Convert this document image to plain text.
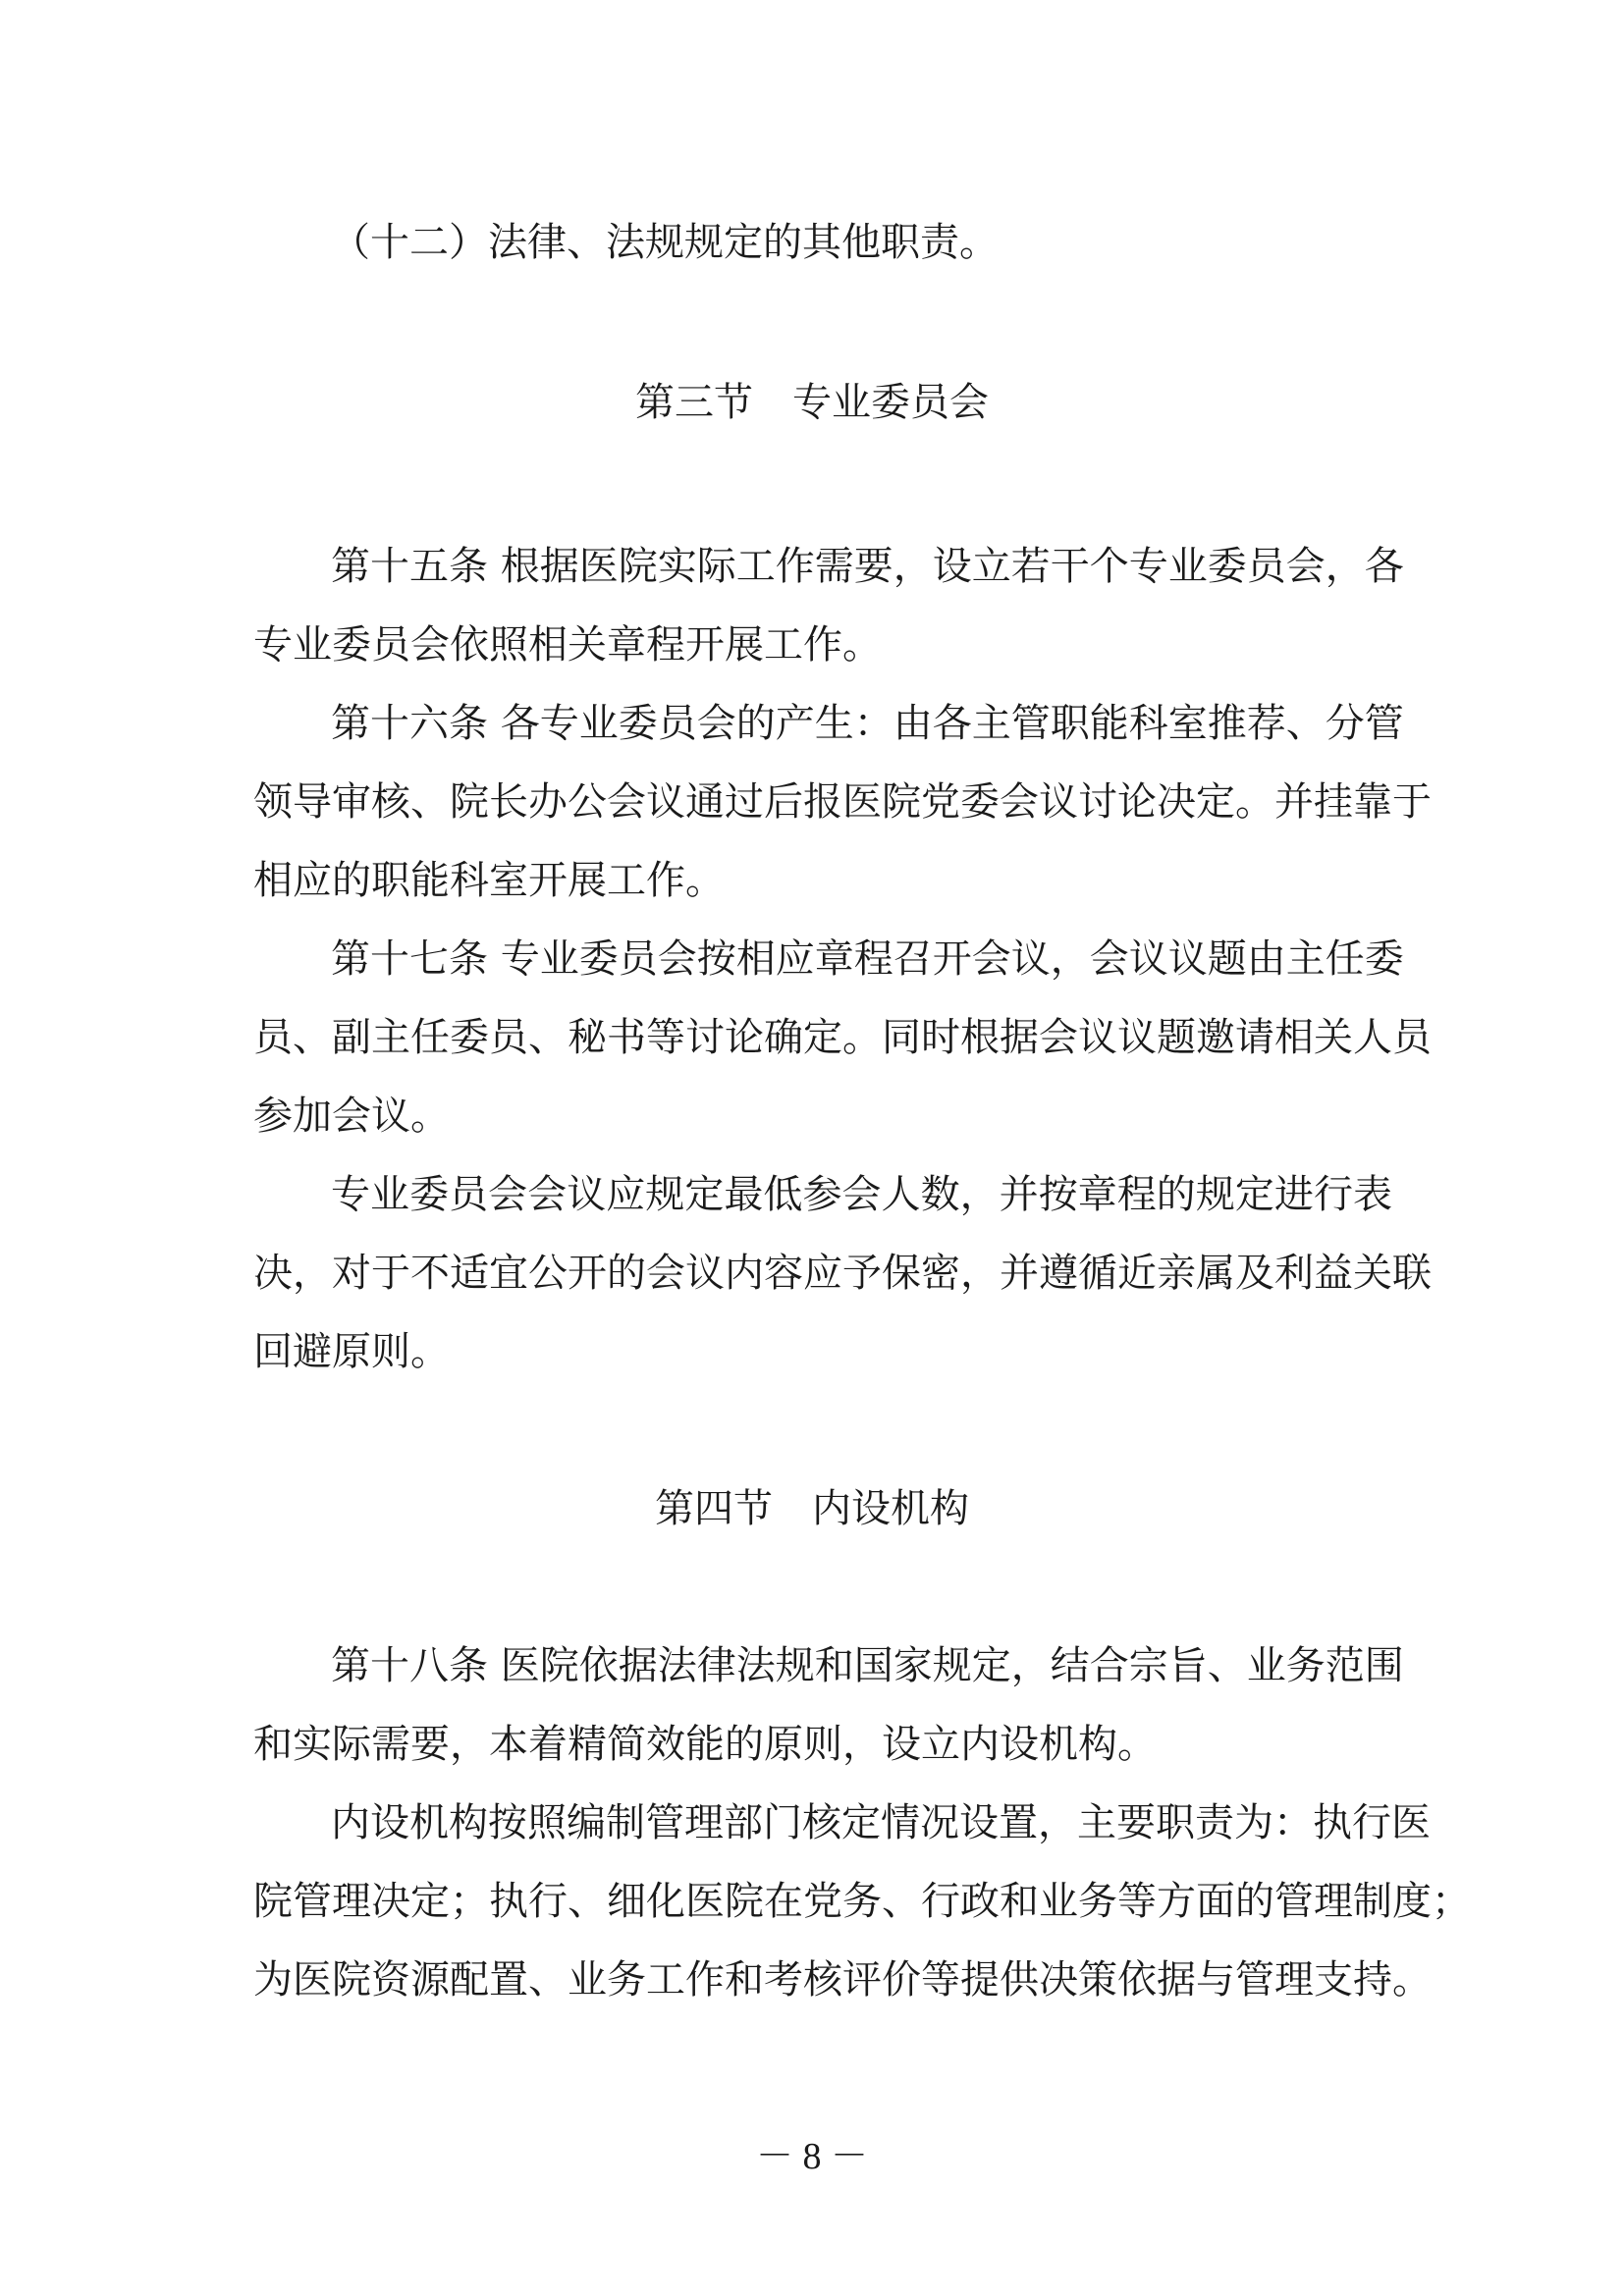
（十二）法律、法规规定的其他职责。
第三节　专业委员会
第十五条 根据医院实际工作需要，设立若干个专业委员会，各
专业委员会依照相关章程开展工作。
第十六条 各专业委员会的产生：由各主管职能科室推荐、分管
领导审核、院长办公会议通过后报医院党委会议讨论决定。并挂靠于
相应的职能科室开展工作。
第十七条 专业委员会按相应章程召开会议，会议议题由主任委
员、副主任委员、秘书等讨论确定。同时根据会议议题邀请相关人员
参加会议。
专业委员会会议应规定最低参会人数，并按章程的规定进行表
决，对于不适宜公开的会议内容应予保密，并遵循近亲属及利益关联
回避原则。
第四节　内设机构
第十八条 医院依据法律法规和国家规定，结合宗旨、业务范围
和实际需要，本着精简效能的原则，设立内设机构。
内设机构按照编制管理部门核定情况设置，主要职责为：执行医
院管理决定；执行、细化医院在党务、行政和业务等方面的管理制度；
为医院资源配置、业务工作和考核评价等提供决策依据与管理支持。
－ 8 －
